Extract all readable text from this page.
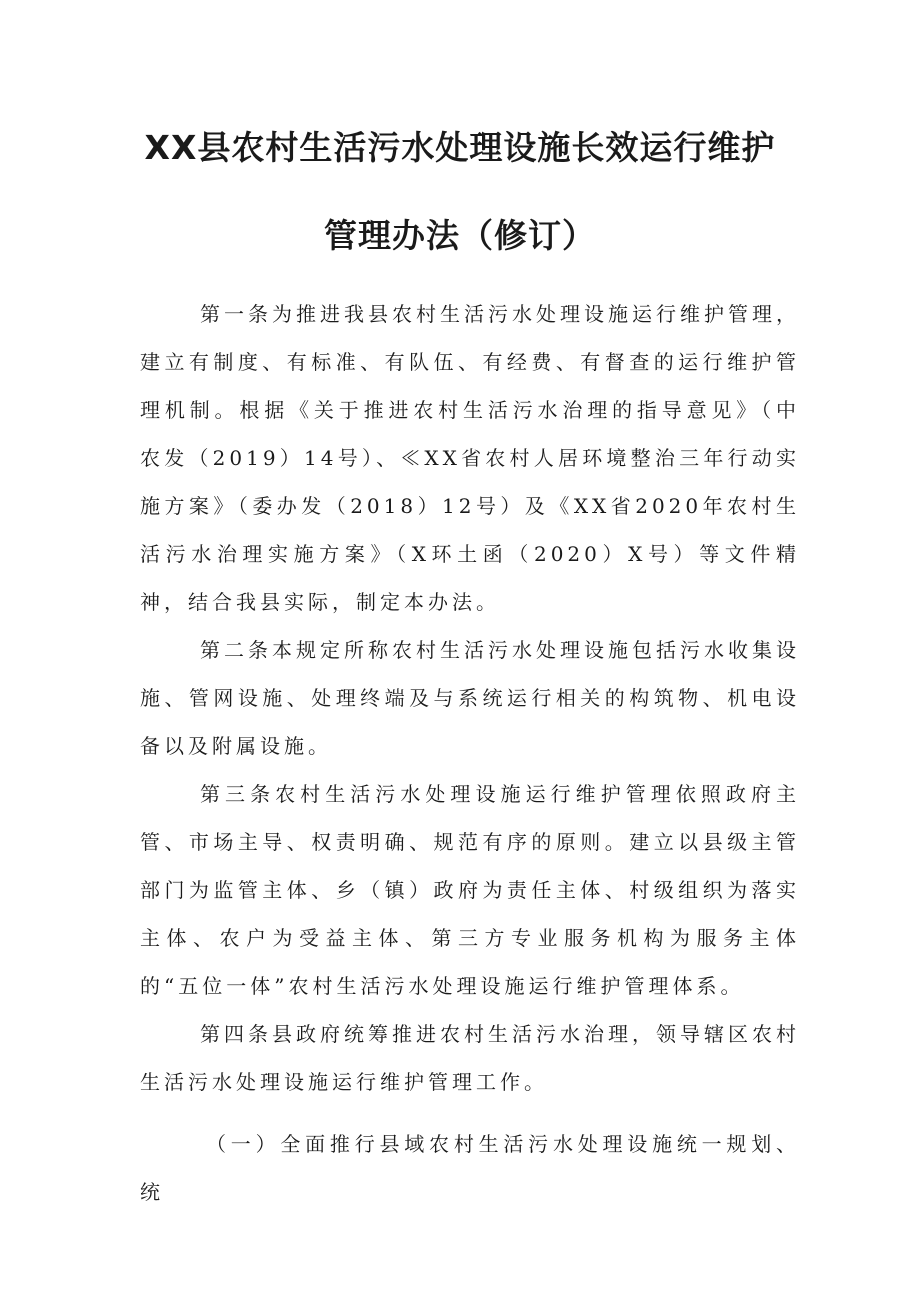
XX县农村生活污水处理设施长效运行维护
管理办法（修订）

第一条为推进我县农村生活污水处理设施运行维护管理，建立有制度、有标准、有队伍、有经费、有督查的运行维护管理机制。根据《关于推进农村生活污水治理的指导意见》（中农发（2019）14号）、≪XX省农村人居环境整治三年行动实施方案》（委办发（2018）12号）及《XX省2020年农村生活污水治理实施方案》（X环土函（2020）X号）等文件精神，结合我县实际，制定本办法。

第二条本规定所称农村生活污水处理设施包括污水收集设施、管网设施、处理终端及与系统运行相关的构筑物、机电设备以及附属设施。

第三条农村生活污水处理设施运行维护管理依照政府主管、市场主导、权责明确、规范有序的原则。建立以县级主管部门为监管主体、乡（镇）政府为责任主体、村级组织为落实主体、农户为受益主体、第三方专业服务机构为服务主体的“五位一体”农村生活污水处理设施运行维护管理体系。

第四条县政府统筹推进农村生活污水治理，领导辖区农村生活污水处理设施运行维护管理工作。

（一）全面推行县域农村生活污水处理设施统一规划、统
